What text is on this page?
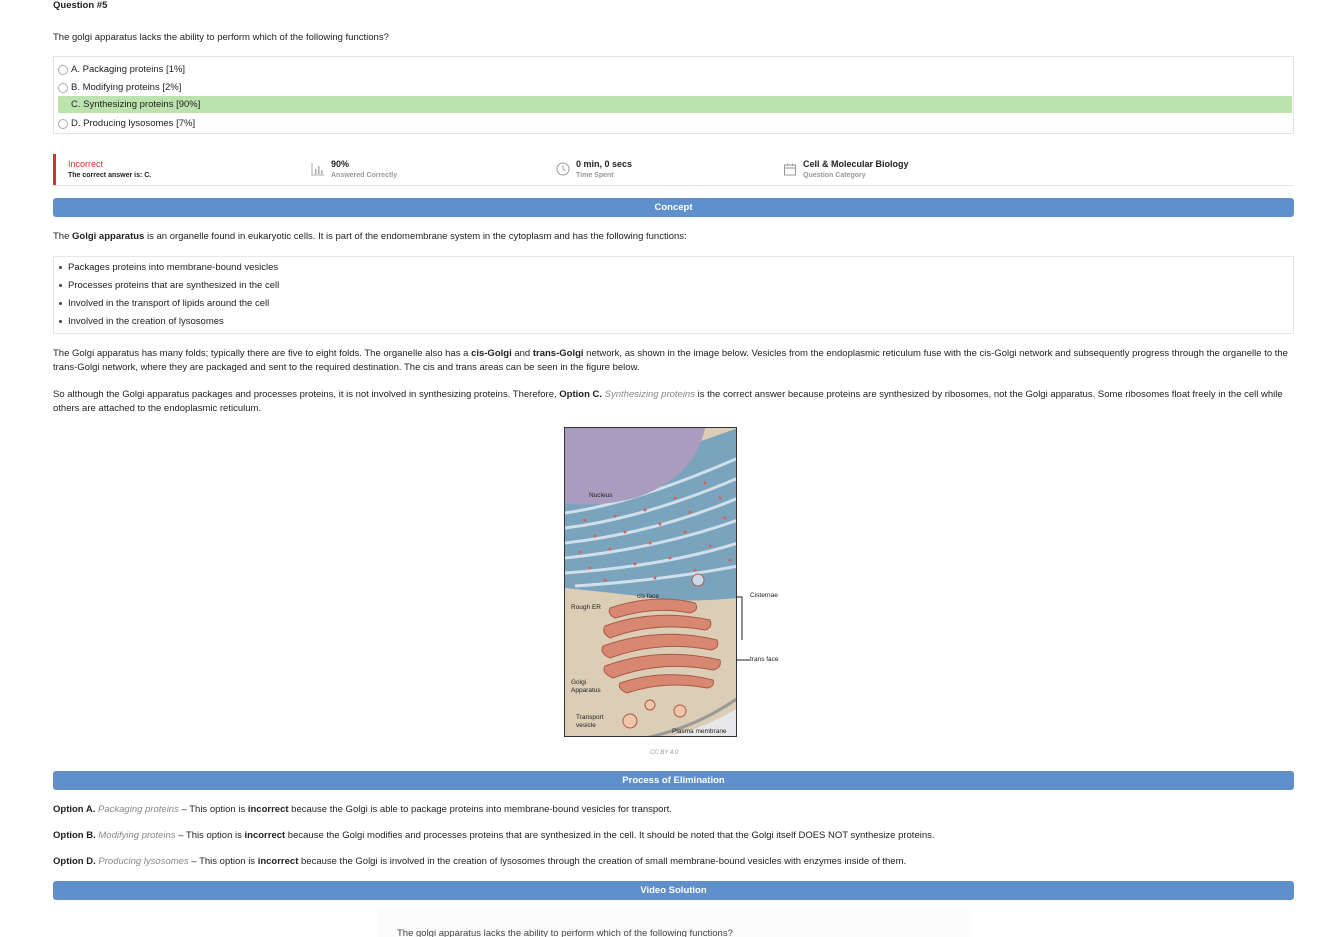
Question #5
The golgi apparatus lacks the ability to perform which of the following functions?
A. Packaging proteins [1%]
B. Modifying proteins [2%]
C. Synthesizing proteins [90%]
D. Producing lysosomes [7%]
Incorrect
The correct answer is: C.
90%
Answered Correctly
0 min, 0 secs
Time Spent
Cell & Molecular Biology
Question Category
Concept
The Golgi apparatus is an organelle found in eukaryotic cells. It is part of the endomembrane system in the cytoplasm and has the following functions:
Packages proteins into membrane-bound vesicles
Processes proteins that are synthesized in the cell
Involved in the transport of lipids around the cell
Involved in the creation of lysosomes
The Golgi apparatus has many folds; typically there are five to eight folds. The organelle also has a cis-Golgi and trans-Golgi network, as shown in the image below. Vesicles from the endoplasmic reticulum fuse with the cis-Golgi network and subsequently progress through the organelle to the trans-Golgi network, where they are packaged and sent to the required destination. The cis and trans areas can be seen in the figure below.
So although the Golgi apparatus packages and processes proteins, it is not involved in synthesizing proteins. Therefore, Option C. Synthesizing proteins is the correct answer because proteins are synthesized by ribosomes, not the Golgi apparatus. Some ribosomes float freely in the cell while others are attached to the endoplasmic reticulum.
Nucleus
cis face
Rough ER
Golgi
Apparatus
Transport
vesicle
Plasma membrane
Cisternae
trans face
CC BY 4.0
Process of Elimination
Option A. Packaging proteins – This option is incorrect because the Golgi is able to package proteins into membrane-bound vesicles for transport.
Option B. Modifying proteins – This option is incorrect because the Golgi modifies and processes proteins that are synthesized in the cell. It should be noted that the Golgi itself DOES NOT synthesize proteins.
Option D. Producing lysosomes – This option is incorrect because the Golgi is involved in the creation of lysosomes through the creation of small membrane-bound vesicles with enzymes inside of them.
Video Solution
The golgi apparatus lacks the ability to perform which of the following functions?
